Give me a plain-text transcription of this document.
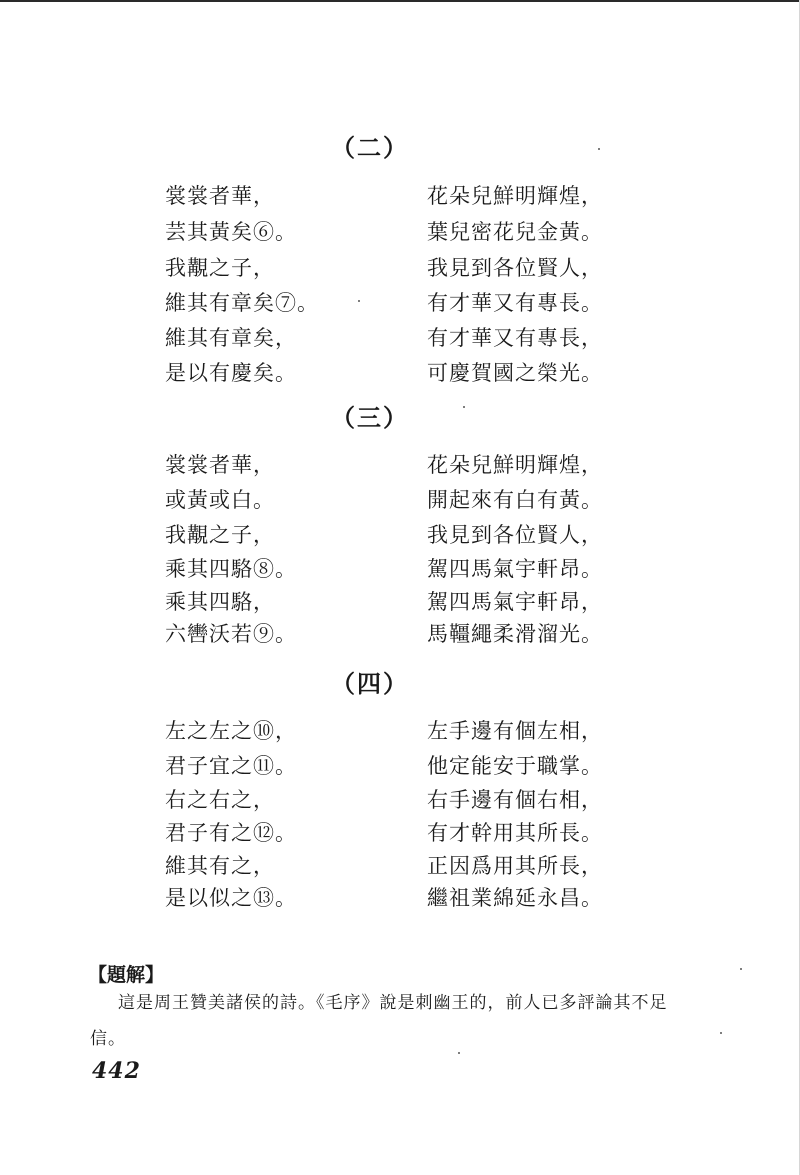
（二）
裳裳者華，
芸其黃矣⑥。
我覯之子，
維其有章矣⑦。
維其有章矣，
是以有慶矣。
花朵兒鮮明輝煌，
葉兒密花兒金黃。
我見到各位賢人，
有才華又有專長。
有才華又有專長，
可慶賀國之榮光。
（三）
裳裳者華，
或黃或白。
我覯之子，
乘其四駱⑧。
乘其四駱，
六轡沃若⑨。
花朵兒鮮明輝煌，
開起來有白有黃。
我見到各位賢人，
駕四馬氣宇軒昂。
駕四馬氣宇軒昂，
馬韁繩柔滑溜光。
（四）
左之左之⑩，
君子宜之⑪。
右之右之，
君子有之⑫。
維其有之，
是以似之⑬。
左手邊有個左相，
他定能安于職掌。
右手邊有個右相，
有才幹用其所長。
正因爲用其所長，
繼祖業綿延永昌。
【題解】
這是周王贊美諸侯的詩。《毛序》說是刺幽王的，前人已多評論其不足信。
442
